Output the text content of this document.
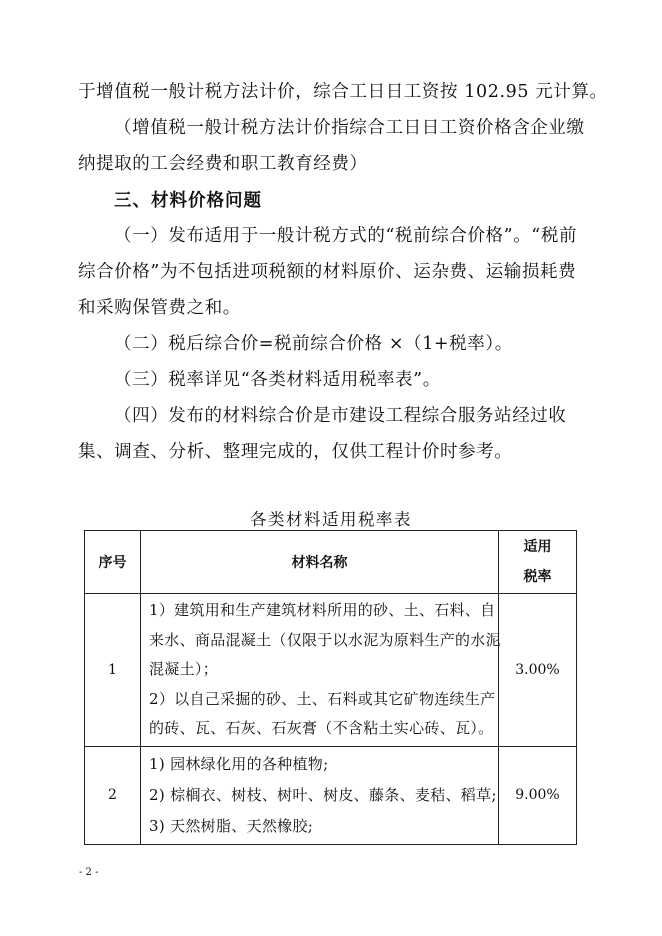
于增值税一般计税方法计价，综合工日日工资按 102.95 元计算。

（增值税一般计税方法计价指综合工日日工资价格含企业缴纳提取的工会经费和职工教育经费）

三、材料价格问题

（一）发布适用于一般计税方式的“税前综合价格”。“税前综合价格”为不包括进项税额的材料原价、运杂费、运输损耗费和采购保管费之和。

（二）税后综合价=税前综合价格 ×（1+税率）。

（三）税率详见“各类材料适用税率表”。

（四）发布的材料综合价是市建设工程综合服务站经过收集、调查、分析、整理完成的，仅供工程计价时参考。

各类材料适用税率表

序号	材料名称	适用
税率

1	1）建筑用和生产建筑材料所用的砂、土、石料、自
来水、商品混凝土（仅限于以水泥为原料生产的水泥
混凝土）；
2）以自己采掘的砂、土、石料或其它矿物连续生产
的砖、瓦、石灰、石灰膏（不含粘土实心砖、瓦）。	3.00%
2	1) 园林绿化用的各种植物;
2) 棕榈衣、树枝、树叶、树皮、藤条、麦秸、稻草;
3) 天然树脂、天然橡胶;	9.00%

- 2 -
